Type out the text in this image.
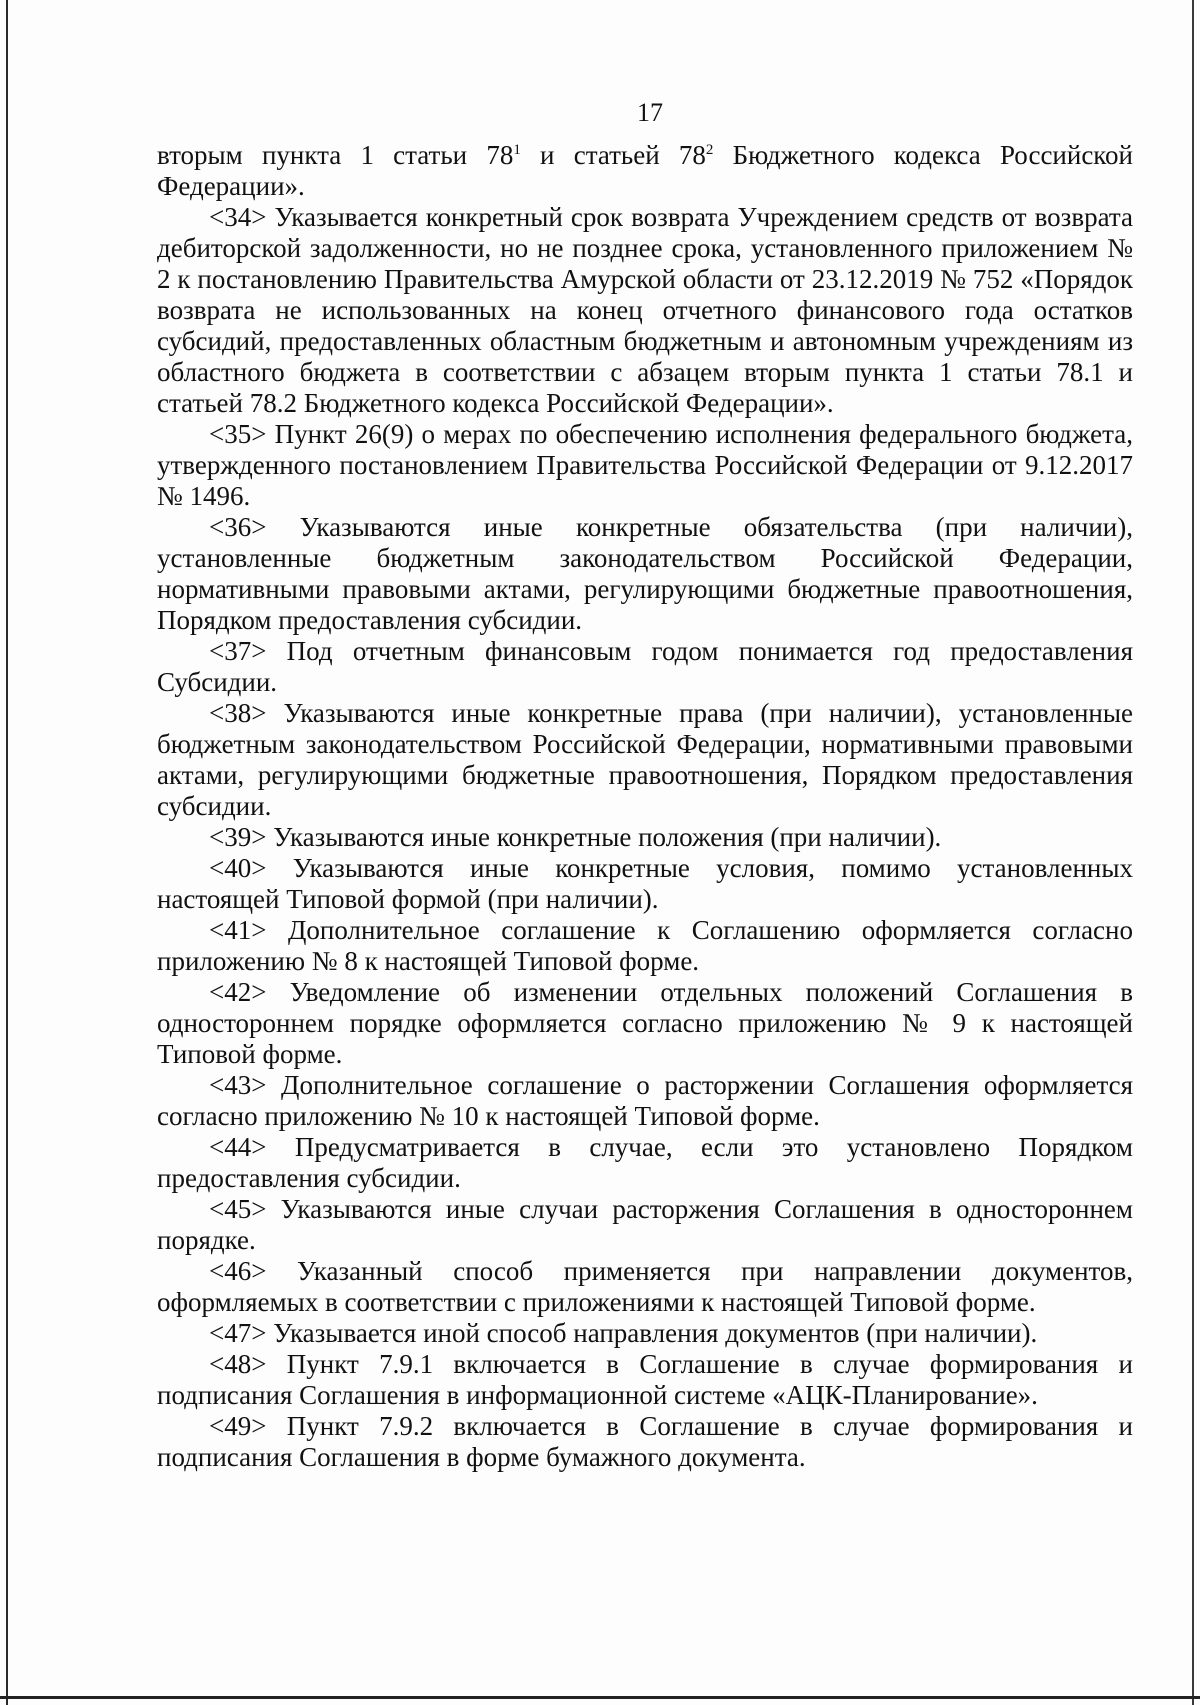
17

вторым пункта 1 статьи $78^1$ и статьей $78^2$ Бюджетного кодекса Российской Федерации».

<34> Указывается конкретный срок возврата Учреждением средств от возврата дебиторской задолженности, но не позднее срока, установленного приложением № 2 к постановлению Правительства Амурской области от 23.12.2019 № 752 «Порядок возврата не использованных на конец отчетного финансового года остатков субсидий, предоставленных областным бюджетным и автономным учреждениям из областного бюджета в соответствии с абзацем вторым пункта 1 статьи 78.1 и статьей 78.2 Бюджетного кодекса Российской Федерации».

<35> Пункт 26(9) о мерах по обеспечению исполнения федерального бюджета, утвержденного постановлением Правительства Российской Федерации от 9.12.2017 № 1496.

<36> Указываются иные конкретные обязательства (при наличии), установленные бюджетным законодательством Российской Федерации, нормативными правовыми актами, регулирующими бюджетные правоотношения, Порядком предоставления субсидии.

<37> Под отчетным финансовым годом понимается год предоставления Субсидии.

<38> Указываются иные конкретные права (при наличии), установленные бюджетным законодательством Российской Федерации, нормативными правовыми актами, регулирующими бюджетные правоотношения, Порядком предоставления субсидии.

<39> Указываются иные конкретные положения (при наличии).

<40> Указываются иные конкретные условия, помимо установленных настоящей Типовой формой (при наличии).

<41> Дополнительное соглашение к Соглашению оформляется согласно приложению № 8 к настоящей Типовой форме.

<42> Уведомление об изменении отдельных положений Соглашения в одностороннем порядке оформляется согласно приложению № 9 к настоящей Типовой форме.

<43> Дополнительное соглашение о расторжении Соглашения оформляется согласно приложению № 10 к настоящей Типовой форме.

<44> Предусматривается в случае, если это установлено Порядком предоставления субсидии.

<45> Указываются иные случаи расторжения Соглашения в одностороннем порядке.

<46> Указанный способ применяется при направлении документов, оформляемых в соответствии с приложениями к настоящей Типовой форме.

<47> Указывается иной способ направления документов (при наличии).

<48> Пункт 7.9.1 включается в Соглашение в случае формирования и подписания Соглашения в информационной системе «АЦК-Планирование».

<49> Пункт 7.9.2 включается в Соглашение в случае формирования и подписания Соглашения в форме бумажного документа.
